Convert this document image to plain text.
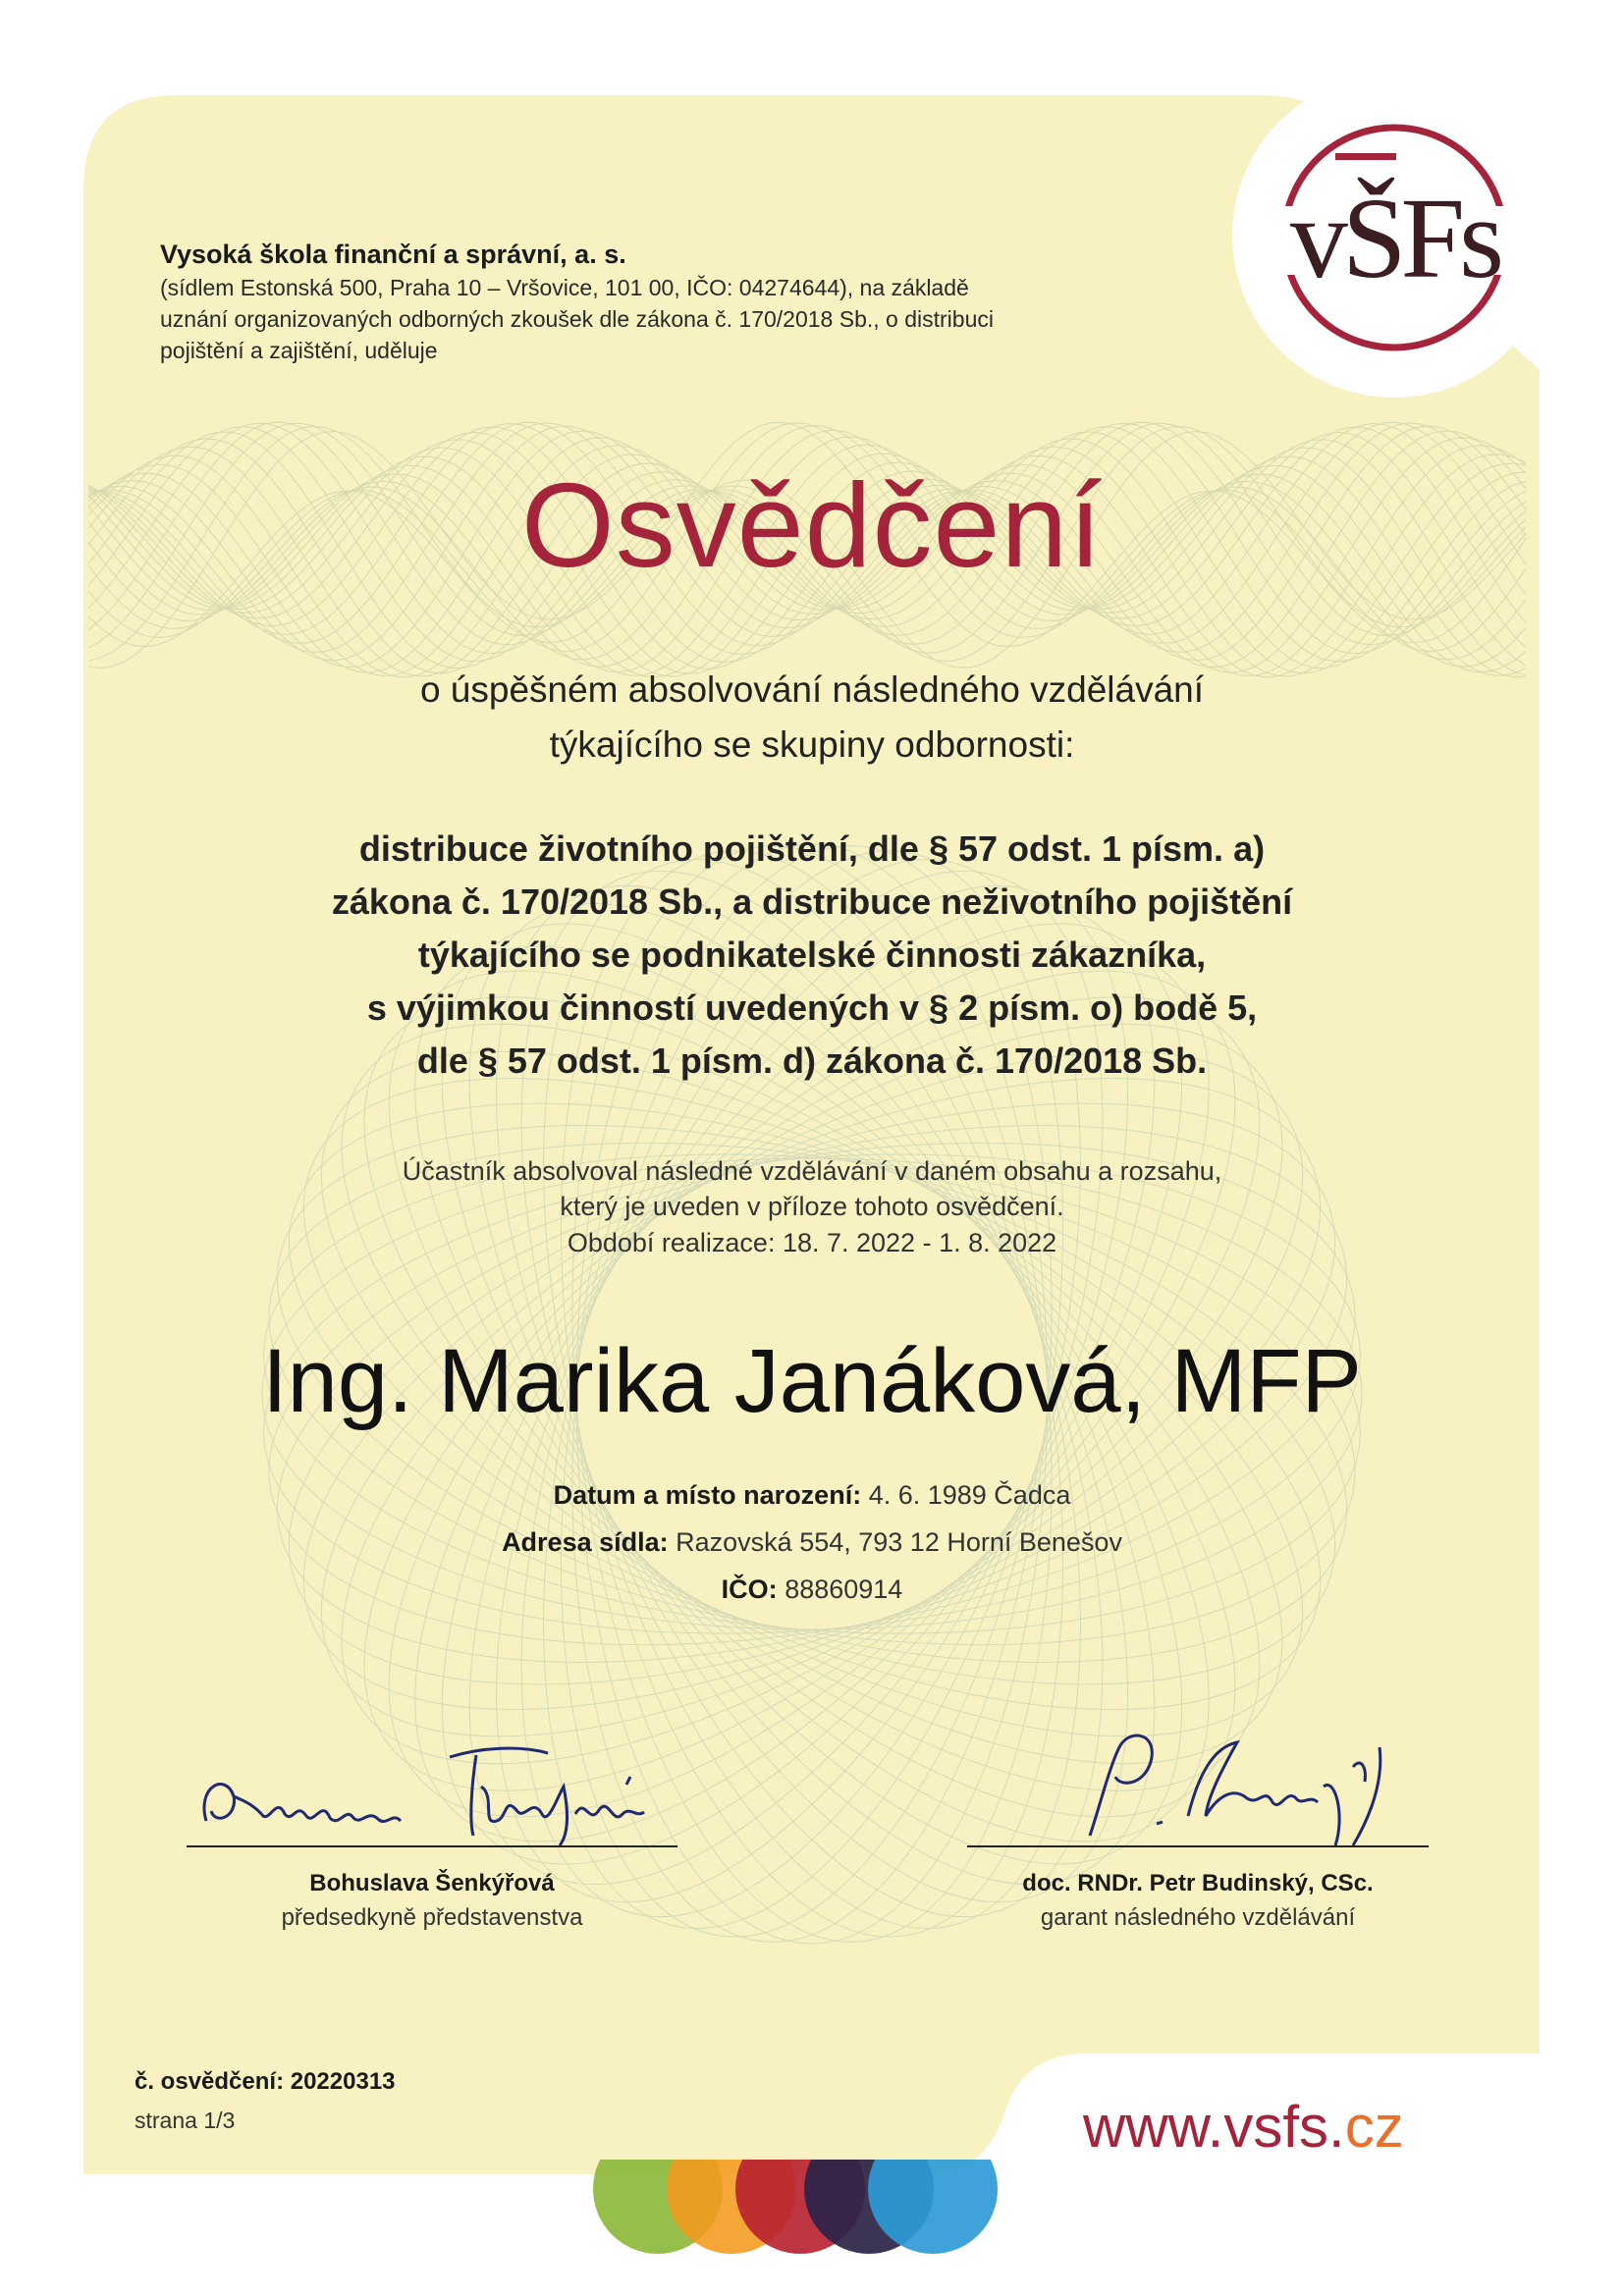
vŠFs
Vysoká škola finanční a správní, a. s.
(sídlem Estonská 500, Praha 10 – Vršovice, 101 00, IČO: 04274644), na základě
uznání organizovaných odborných zkoušek dle zákona č. 170/2018 Sb., o distribuci
pojištění a zajištění, uděluje
Osvědčení
o úspěšném absolvování následného vzdělávání
týkajícího se skupiny odbornosti:
distribuce životního pojištění, dle § 57 odst. 1 písm. a)
zákona č. 170/2018 Sb., a distribuce neživotního pojištění
týkajícího se podnikatelské činnosti zákazníka,
s výjimkou činností uvedených v § 2 písm. o) bodě 5,
dle § 57 odst. 1 písm. d) zákona č. 170/2018 Sb.
Účastník absolvoval následné vzdělávání v daném obsahu a rozsahu,
který je uveden v příloze tohoto osvědčení.
Období realizace: 18. 7. 2022 - 1. 8. 2022
Ing. Marika Janáková, MFP
Datum a místo narození: 4. 6. 1989 Čadca
Adresa sídla: Razovská 554, 793 12 Horní Benešov
IČO: 88860914
Bohuslava Šenkýřová
předsedkyně představenstva
doc. RNDr. Petr Budinský, CSc.
garant následného vzdělávání
č. osvědčení: 20220313
strana 1/3	www.vsfs.cz
